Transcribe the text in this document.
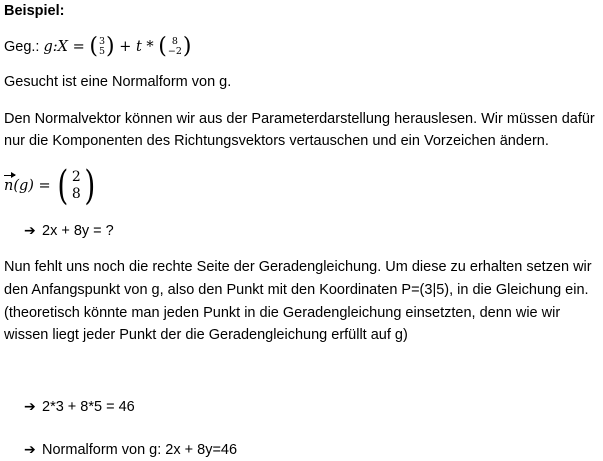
Beispiel:
Geg.: g:X = ( 3
5 ) + t * ( 8
−2 )
Gesucht ist eine Normalform von g.
Den Normalvektor können wir aus der Parameterdarstellung herauslesen. Wir müssen dafür
nur die Komponenten des Richtungsvektors vertauschen und ein Vorzeichen ändern.
n(g) = ( 2
8 )
➔ 2x + 8y = ?
Nun fehlt uns noch die rechte Seite der Geradengleichung. Um diese zu erhalten setzen wir
den Anfangspunkt von g, also den Punkt mit den Koordinaten P=(3|5), in die Gleichung ein.
(theoretisch könnte man jeden Punkt in die Geradengleichung einsetzten, denn wie wir
wissen liegt jeder Punkt der die Geradengleichung erfüllt auf g)
➔ 2*3 + 8*5 = 46
➔ Normalform von g: 2x + 8y=46
